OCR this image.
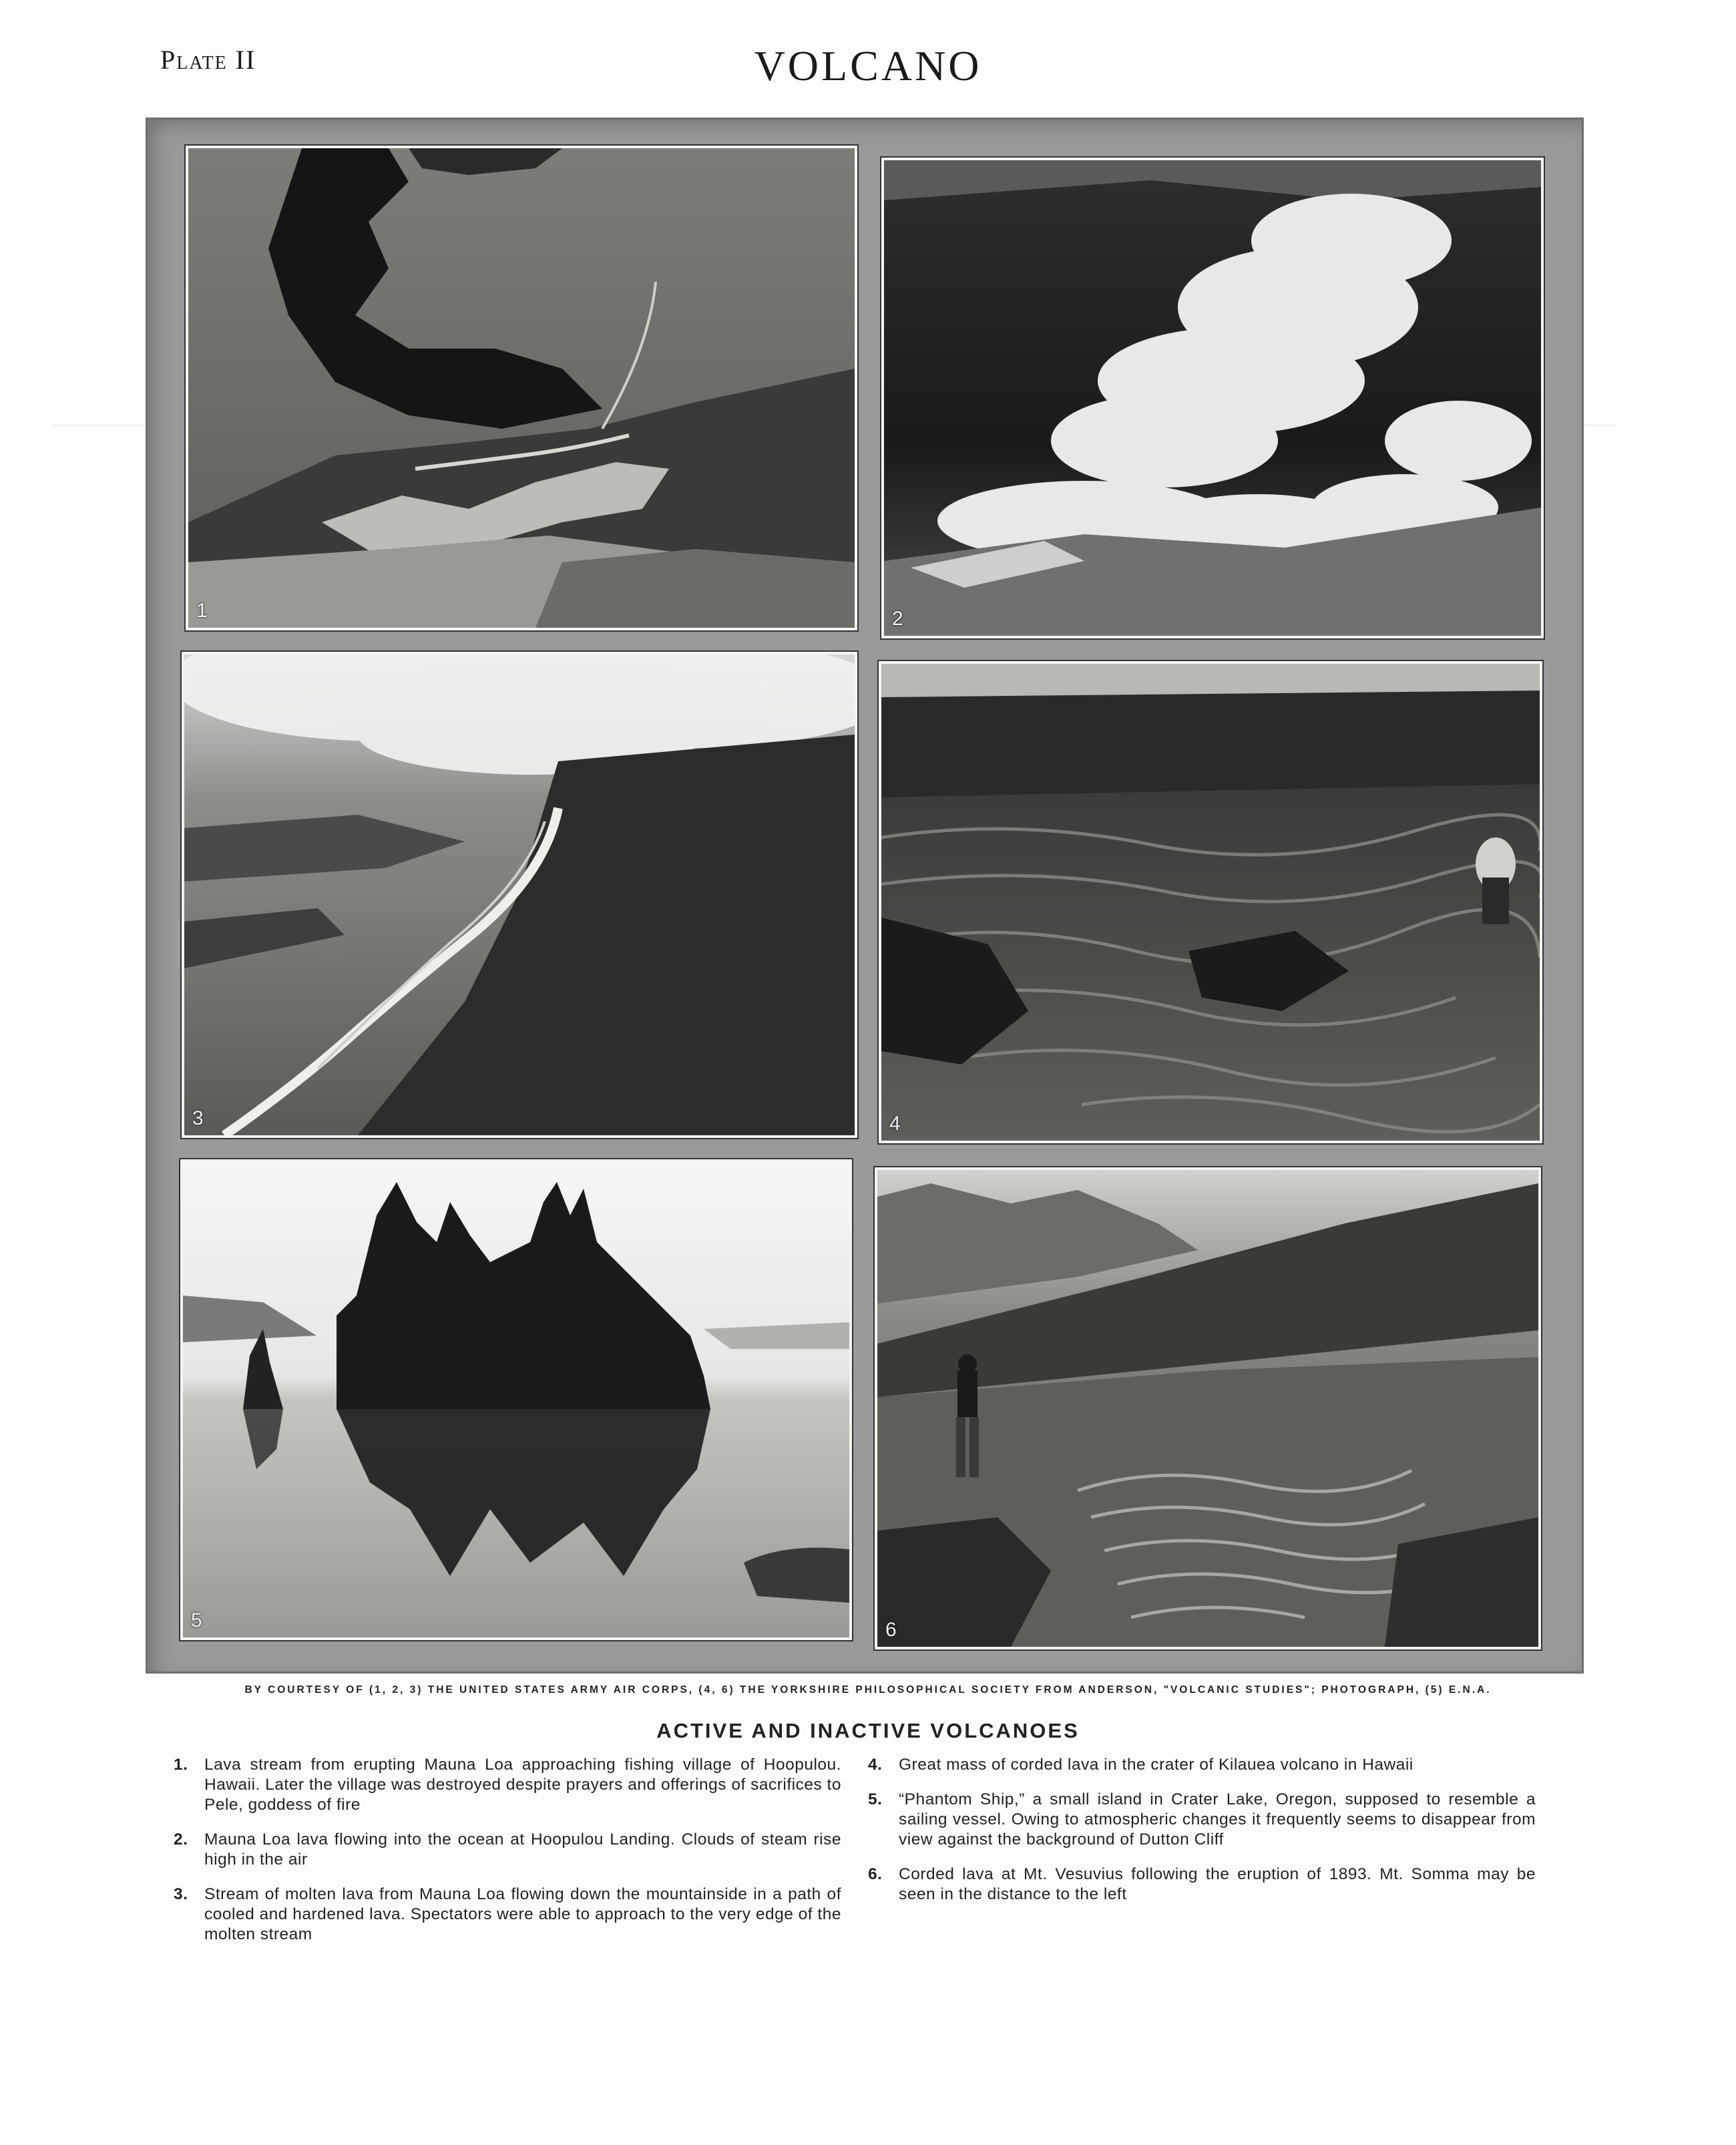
Plate II	VOLCANO
1	2
3	4
5	6
BY COURTESY OF (1, 2, 3) THE UNITED STATES ARMY AIR CORPS, (4, 6) THE YORKSHIRE PHILOSOPHICAL SOCIETY FROM ANDERSON, "VOLCANIC STUDIES"; PHOTOGRAPH, (5) E.N.A.
ACTIVE AND INACTIVE VOLCANOES
1.	Lava stream from erupting Mauna Loa approaching fishing village of Hoopulou. Hawaii. Later the village was destroyed despite prayers and offerings of sacrifices to Pele, goddess of fire
2.	Mauna Loa lava flowing into the ocean at Hoopulou Landing. Clouds of steam rise high in the air
3.	Stream of molten lava from Mauna Loa flowing down the mountainside in a path of cooled and hardened lava. Spectators were able to approach to the very edge of the molten stream
4.	Great mass of corded lava in the crater of Kilauea volcano in Hawaii
5.	“Phantom Ship,” a small island in Crater Lake, Oregon, supposed to resemble a sailing vessel. Owing to atmospheric changes it frequently seems to disappear from view against the background of Dutton Cliff
6.	Corded lava at Mt. Vesuvius following the eruption of 1893. Mt. Somma may be seen in the distance to the left
